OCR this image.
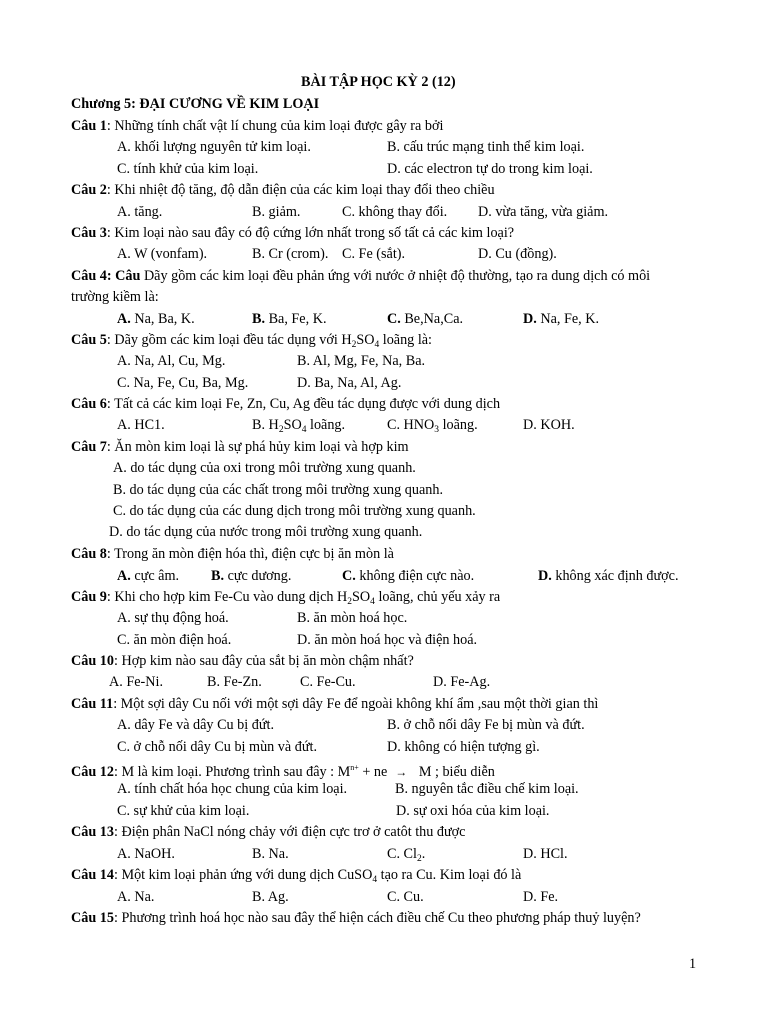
BÀI TẬP HỌC KỲ 2 (12)
Chương 5: ĐẠI CƯƠNG VỀ KIM LOẠI
Câu 1: Những tính chất vật lí chung của kim loại được gây ra bởi
A. khối lượng nguyên tử kim loại.	B. cấu trúc mạng tinh thể kim loại.
C. tính khử của kim loại.	D. các electron tự do trong kim loại.
Câu 2: Khi nhiệt độ tăng, độ dẫn điện của các kim loại thay đổi theo chiều
A. tăng.	B. giảm.	C. không thay đổi. D. vừa tăng, vừa giảm.
Câu 3: Kim loại nào sau đây có độ cứng lớn nhất trong số tất cả các kim loại?
A. W (vonfam).	B. Cr (crom). C. Fe (sắt).	D. Cu (đồng).
Câu 4: Câu Dãy gồm các kim loại đều phản ứng với nước ở nhiệt độ thường, tạo ra dung dịch có môi
trường kiềm là:
A. Na, Ba, K.	B. Ba, Fe, K.	C. Be,Na,Ca.	D. Na, Fe, K.
Câu 5: Dãy gồm các kim loại đều tác dụng với $H_2SO_4$ loãng là:
A. Na, Al, Cu, Mg.	B. Al, Mg, Fe, Na, Ba.
C. Na, Fe, Cu, Ba, Mg.	D. Ba, Na, Al, Ag.
Câu 6: Tất cả các kim loại Fe, Zn, Cu, Ag đều tác dụng được với dung dịch
A. HC1.	B. $H_2SO_4$ loãng.	C. $HNO_3$ loãng.	D. KOH.
Câu 7: Ăn mòn kim loại là sự phá hủy kim loại và hợp kim
A. do tác dụng của oxi trong môi trường xung quanh.
B. do tác dụng của các chất trong môi trường xung quanh.
C. do tác dụng của các dung dịch trong môi trường xung quanh.
D. do tác dụng của nước trong môi trường xung quanh.
Câu 8: Trong ăn mòn điện hóa thì, điện cực bị ăn mòn là
A. cực âm. B. cực dương.	C. không điện cực nào.	D. không xác định được.
Câu 9: Khi cho hợp kim Fe-Cu vào dung dịch $H_2SO_4$ loãng, chủ yếu xảy ra
A. sự thụ động hoá.	B. ăn mòn hoá học.
C. ăn mòn điện hoá.	D. ăn mòn hoá học và điện hoá.
Câu 10: Hợp kim nào sau đây của sắt bị ăn mòn chậm nhất?
A. Fe-Ni.	B. Fe-Zn.	C. Fe-Cu.	D. Fe-Ag.
Câu 11: Một sợi dây Cu nối với một sợi dây Fe để ngoài không khí ẩm ,sau một thời gian thì
A. dây Fe và dây Cu bị đứt.	B. ở chỗ nối dây Fe bị mùn và đứt.
C. ở chỗ nối dây Cu bị mùn và đứt.	D. không có hiện tượng gì.
Câu 12: M là kim loại. Phương trình sau đây : $M^{n+}$ + ne → M ; biểu diễn
A. tính chất hóa học chung của kim loại.	B. nguyên tắc điều chế kim loại.
C. sự khử của kim loại.	D. sự oxi hóa của kim loại.
Câu 13: Điện phân NaCl nóng chảy với điện cực trơ ở catôt thu được
A. NaOH.	B. Na.	C. $Cl_2$.	D. HCl.
Câu 14: Một kim loại phản ứng với dung dịch CuSO$_4$ tạo ra Cu. Kim loại đó là
A. Na.	B. Ag.	C. Cu.	D. Fe.
Câu 15: Phương trình hoá học nào sau đây thể hiện cách điều chế Cu theo phương pháp thuỷ luyện?
1
